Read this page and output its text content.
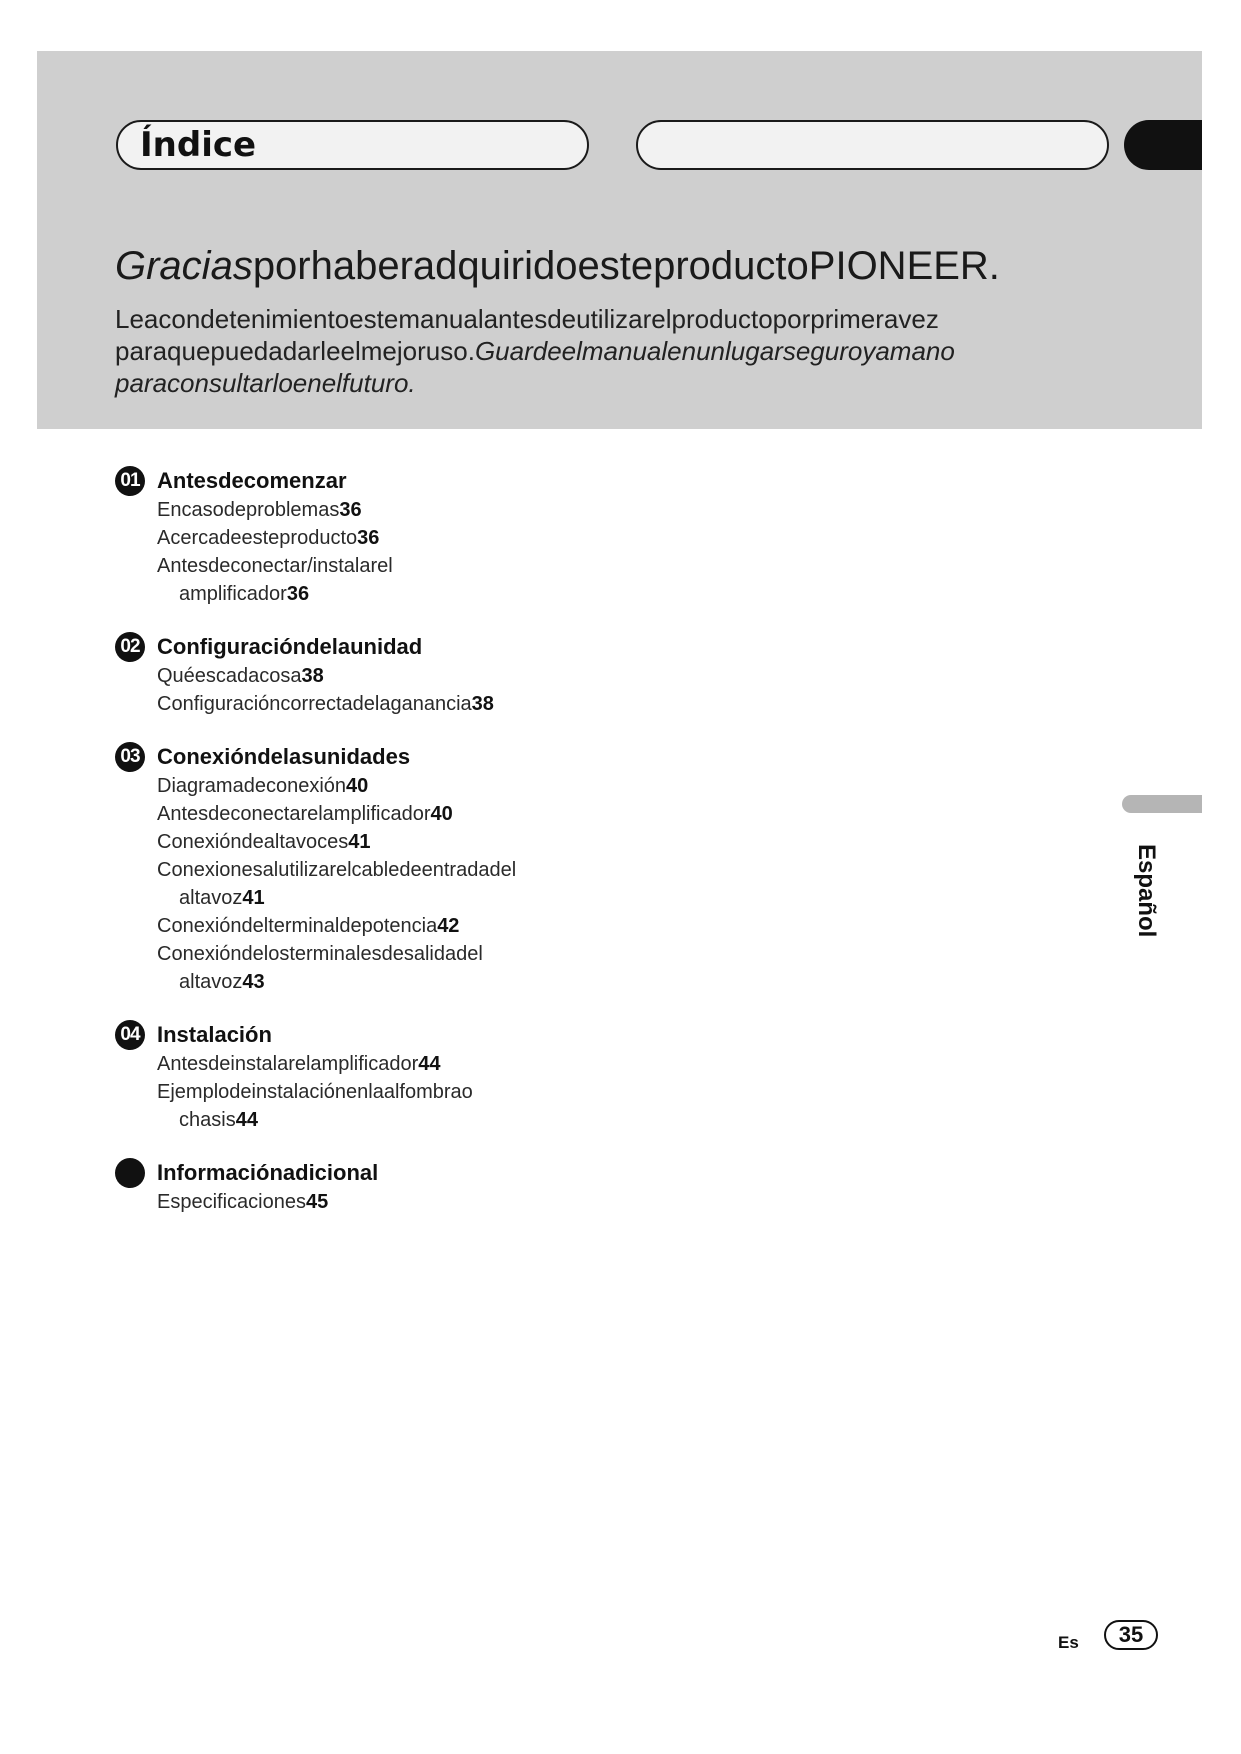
Índice
GraciasporhaberadquiridoesteproductoPIONEER.
Leacondetenimientoestemanualantesdeutilizarelproductoporprimeravez
paraquepuedadarleelmejoruso.Guardeelmanualenunlugarseguroyamano
paraconsultarloenelfuturo.
01 Antesdecomenzar
Encasodeproblemas36
Acercadeesteproducto36
Antesdeconectar/instalarel
amplificador36
02 Configuracióndelaunidad
Quéescadacosa38
Configuracióncorrectadelaganancia38
03 Conexióndelasunidades
Diagramadeconexión40
Antesdeconectarelamplificador40
Conexióndealtavoces41
Conexionesalutilizarelcabledeentradadel
altavoz41
Conexióndelterminaldepotencia42
Conexióndelosterminalesdesalidadel
altavoz43
04 Instalación
Antesdeinstalarelamplificador44
Ejemplodeinstalaciónenlaalfombrao
chasis44
Informaciónadicional
Especificaciones45
Español
Es	35
